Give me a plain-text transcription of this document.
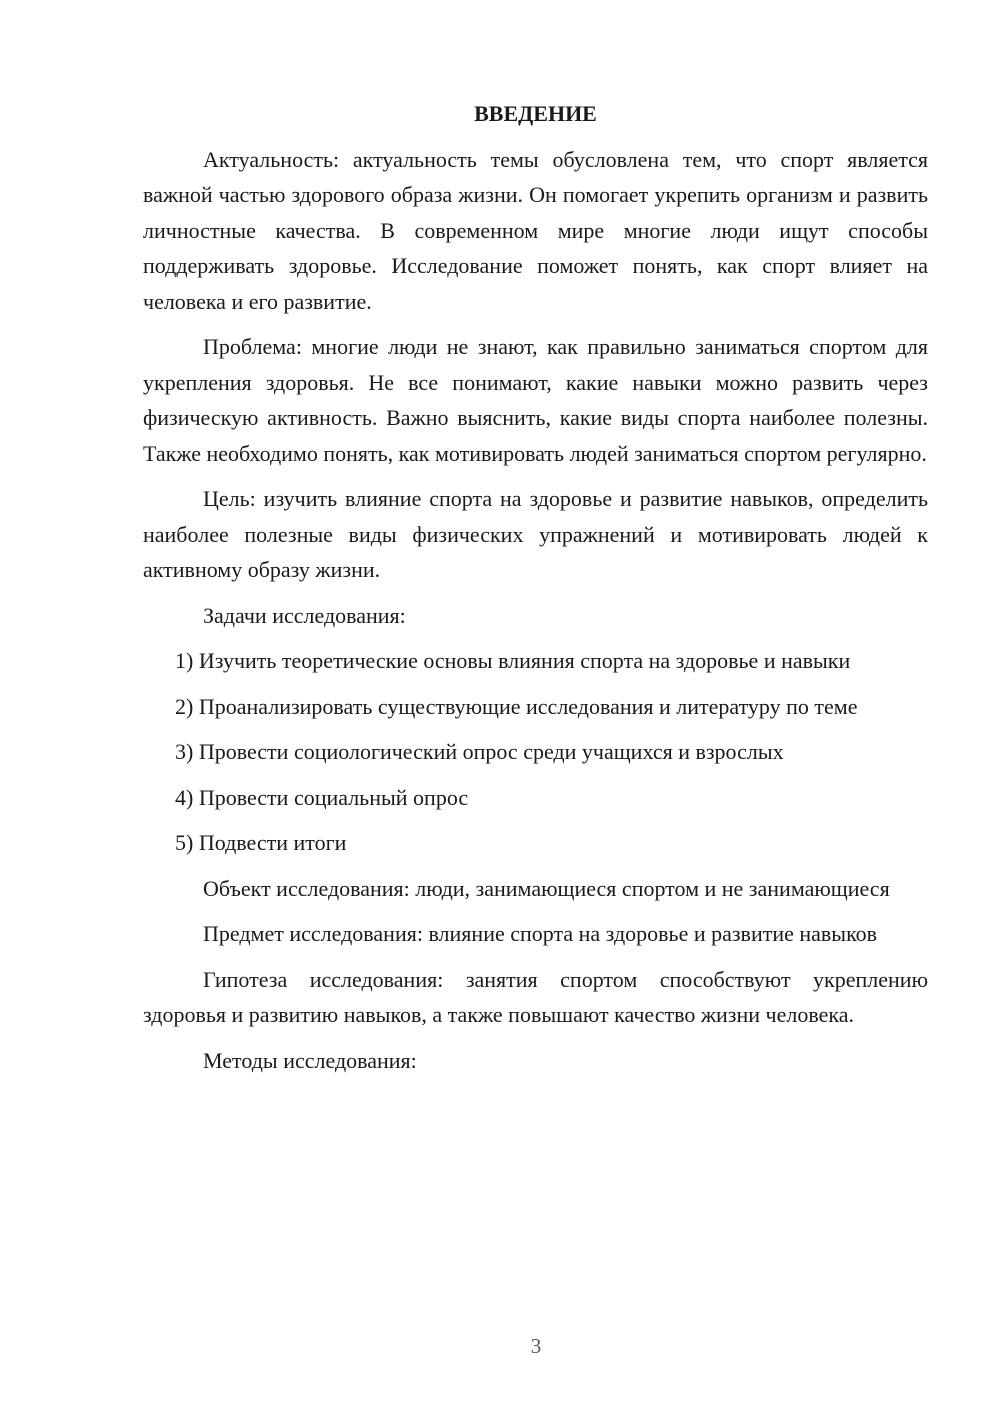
ВВЕДЕНИЕ

Актуальность: актуальность темы обусловлена тем, что спорт является важной частью здорового образа жизни. Он помогает укрепить организм и развить личностные качества. В современном мире многие люди ищут способы поддерживать здоровье. Исследование поможет понять, как спорт влияет на человека и его развитие.

Проблема: многие люди не знают, как правильно заниматься спортом для укрепления здоровья. Не все понимают, какие навыки можно развить через физическую активность. Важно выяснить, какие виды спорта наиболее полезны. Также необходимо понять, как мотивировать людей заниматься спортом регулярно.

Цель: изучить влияние спорта на здоровье и развитие навыков, определить наиболее полезные виды физических упражнений и мотивировать людей к активному образу жизни.

Задачи исследования:

1) Изучить теоретические основы влияния спорта на здоровье и навыки

2) Проанализировать существующие исследования и литературу по теме

3) Провести социологический опрос среди учащихся и взрослых

4) Провести социальный опрос

5) Подвести итоги

Объект исследования: люди, занимающиеся спортом и не занимающиеся

Предмет исследования: влияние спорта на здоровье и развитие навыков

Гипотеза исследования: занятия спортом способствуют укреплению здоровья и развитию навыков, а также повышают качество жизни человека.

Методы исследования:

3
